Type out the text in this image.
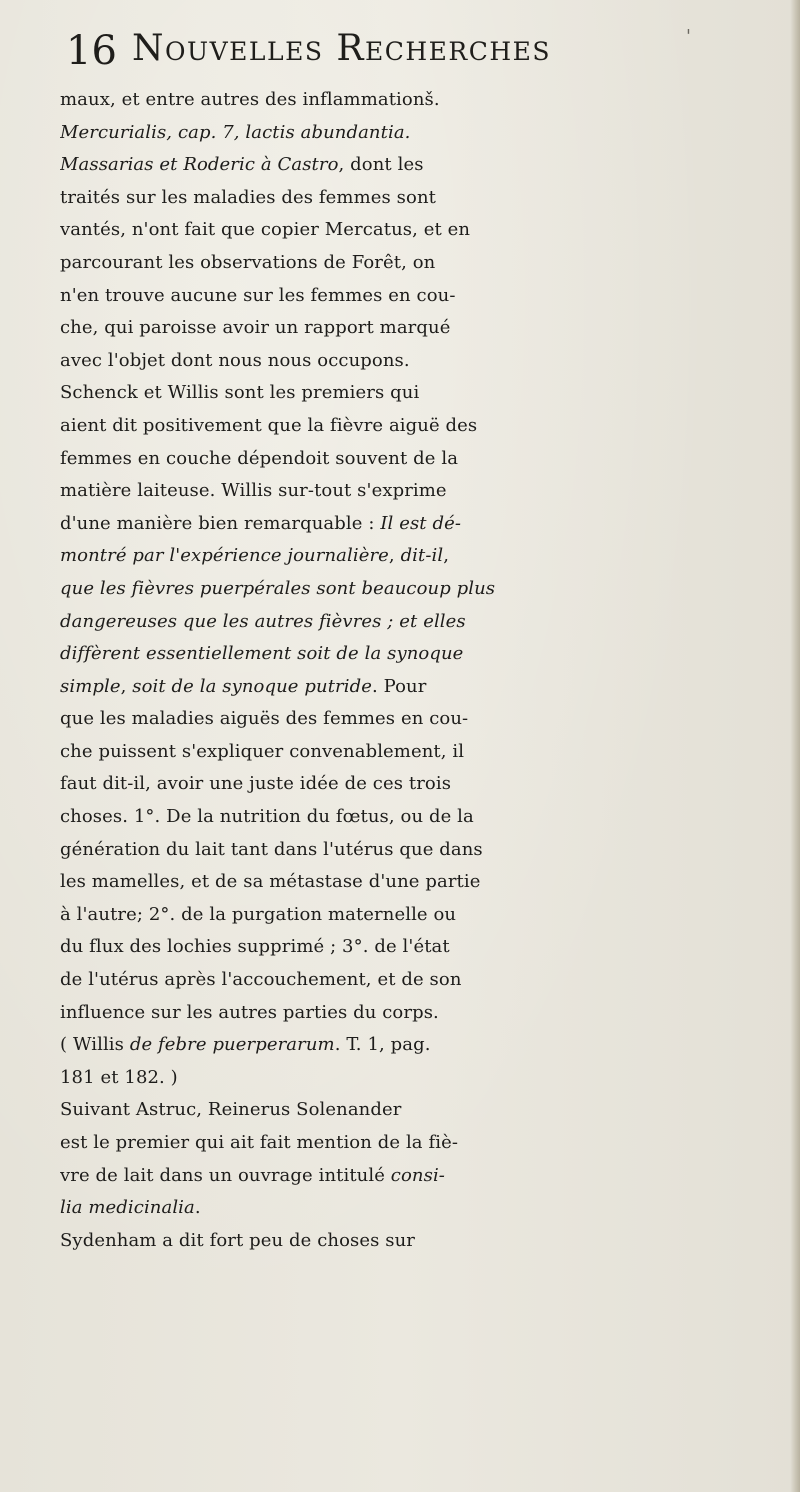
16 Nouvelles Recherches	'
maux, et entre autres des inflammationš.
Mercurialis, cap. 7, lactis abundantia.
Massarias et Roderic à Castro, dont les
traités sur les maladies des femmes sont
vantés, n'ont fait que copier Mercatus, et en
parcourant les observations de Forêt, on
n'en trouve aucune sur les femmes en cou-
che, qui paroisse avoir un rapport marqué
avec l'objet dont nous nous occupons.
Schenck et Willis sont les premiers qui
aient dit positivement que la fièvre aiguë des
femmes en couche dépendoit souvent de la
matière laiteuse. Willis sur-tout s'exprime
d'une manière bien remarquable : Il est dé-
montré par l'expérience journalière, dit-il,
que les fièvres puerpérales sont beaucoup plus
dangereuses que les autres fièvres ; et elles
diffèrent essentiellement soit de la synoque
simple, soit de la synoque putride. Pour
que les maladies aiguës des femmes en cou-
che puissent s'expliquer convenablement, il
faut dit-il, avoir une juste idée de ces trois
choses. 1°. De la nutrition du fœtus, ou de la
génération du lait tant dans l'utérus que dans
les mamelles, et de sa métastase d'une partie
à l'autre; 2°. de la purgation maternelle ou
du flux des lochies supprimé ; 3°. de l'état
de l'utérus après l'accouchement, et de son
influence sur les autres parties du corps.
( Willis de febre puerperarum. T. 1, pag.
181 et 182. )
Suivant Astruc, Reinerus Solenander
est le premier qui ait fait mention de la fiè-
vre de lait dans un ouvrage intitulé consi-
lia medicinalia.
Sydenham a dit fort peu de choses sur
